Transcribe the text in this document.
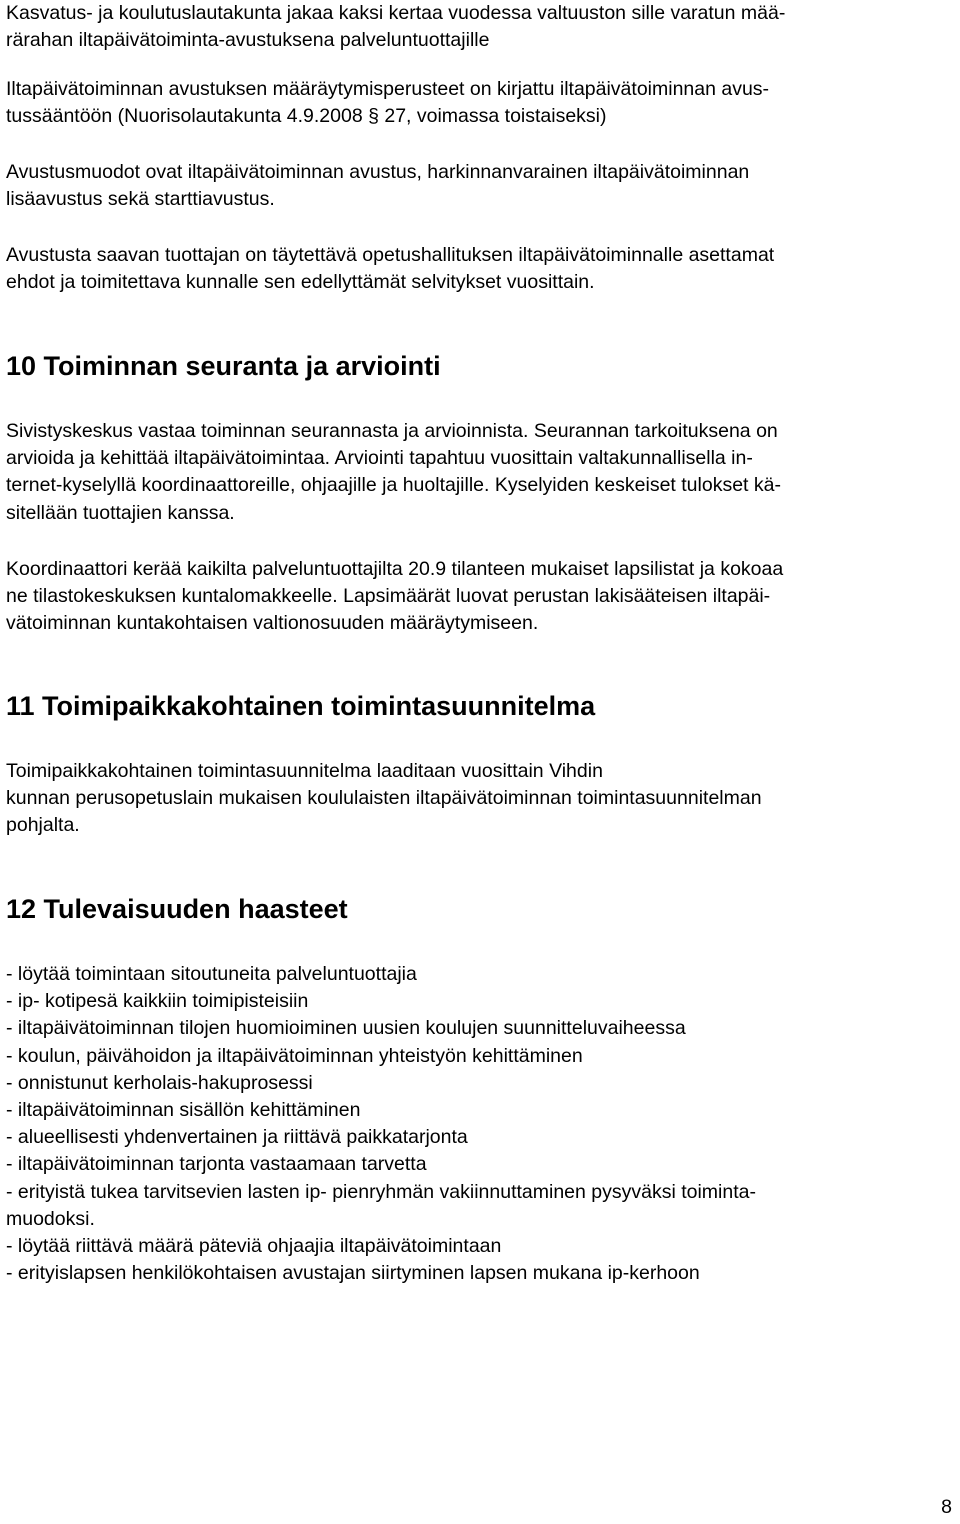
Kasvatus- ja koulutuslautakunta jakaa kaksi kertaa vuodessa valtuuston sille varatun mää-
rärahan iltapäivätoiminta-avustuksena palveluntuottajille
Iltapäivätoiminnan avustuksen määräytymisperusteet on kirjattu iltapäivätoiminnan avus-
tussääntöön (Nuorisolautakunta 4.9.2008 § 27, voimassa toistaiseksi)
Avustusmuodot ovat iltapäivätoiminnan avustus, harkinnanvarainen iltapäivätoiminnan
lisäavustus sekä starttiavustus.
Avustusta saavan tuottajan on täytettävä opetushallituksen iltapäivätoiminnalle asettamat
ehdot ja toimitettava kunnalle sen edellyttämät selvitykset vuosittain.
10 Toiminnan seuranta ja arviointi
Sivistyskeskus vastaa toiminnan seurannasta ja arvioinnista. Seurannan tarkoituksena on
arvioida ja kehittää iltapäivätoimintaa. Arviointi tapahtuu vuosittain valtakunnallisella in-
ternet-kyselyllä koordinaattoreille, ohjaajille ja huoltajille. Kyselyiden keskeiset tulokset kä-
sitellään tuottajien kanssa.
Koordinaattori kerää kaikilta palveluntuottajilta 20.9 tilanteen mukaiset lapsilistat ja kokoaa
ne tilastokeskuksen kuntalomakkeelle. Lapsimäärät luovat perustan lakisääteisen iltapäi-
vätoiminnan kuntakohtaisen valtionosuuden määräytymiseen.
11 Toimipaikkakohtainen toimintasuunnitelma
Toimipaikkakohtainen toimintasuunnitelma laaditaan vuosittain Vihdin
kunnan perusopetuslain mukaisen koululaisten iltapäivätoiminnan toimintasuunnitelman
pohjalta.
12 Tulevaisuuden haasteet
- löytää toimintaan sitoutuneita palveluntuottajia
- ip- kotipesä kaikkiin toimipisteisiin
- iltapäivätoiminnan tilojen huomioiminen uusien koulujen suunnitteluvaiheessa
- koulun, päivähoidon ja iltapäivätoiminnan yhteistyön kehittäminen
- onnistunut kerholais-hakuprosessi
- iltapäivätoiminnan sisällön kehittäminen
- alueellisesti yhdenvertainen ja riittävä paikkatarjonta
- iltapäivätoiminnan tarjonta vastaamaan tarvetta
- erityistä tukea tarvitsevien lasten ip- pienryhmän vakiinnuttaminen pysyväksi toiminta-
muodoksi.
- löytää riittävä määrä päteviä ohjaajia iltapäivätoimintaan
- erityislapsen henkilökohtaisen avustajan siirtyminen lapsen mukana ip-kerhoon
8
